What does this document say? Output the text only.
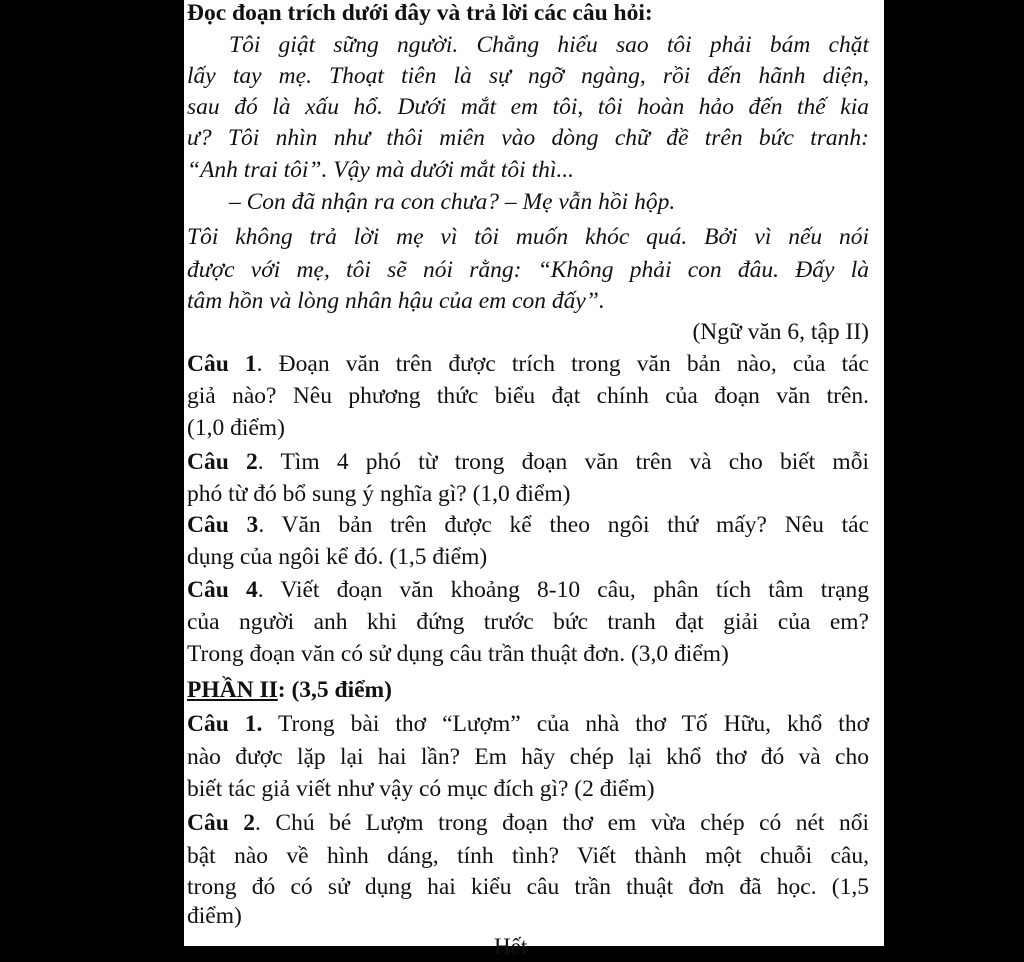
Đọc đoạn trích dưới đây và trả lời các câu hỏi:
Tôi giật sững người. Chẳng hiểu sao tôi phải bám chặt
lấy tay mẹ. Thoạt tiên là sự ngỡ ngàng, rồi đến hãnh diện,
sau đó là xấu hổ. Dưới mắt em tôi, tôi hoàn hảo đến thế kia
ư? Tôi nhìn như thôi miên vào dòng chữ đề trên bức tranh:
“Anh trai tôi”. Vậy mà dưới mắt tôi thì...
– Con đã nhận ra con chưa? – Mẹ vẫn hồi hộp.
Tôi không trả lời mẹ vì tôi muốn khóc quá. Bởi vì nếu nói
được với mẹ, tôi sẽ nói rằng: “Không phải con đâu. Đấy là
tâm hồn và lòng nhân hậu của em con đấy”.
(Ngữ văn 6, tập II)
Câu 1. Đoạn văn trên được trích trong văn bản nào, của tác
giả nào? Nêu phương thức biểu đạt chính của đoạn văn trên.
(1,0 điểm)
Câu 2. Tìm 4 phó từ trong đoạn văn trên và cho biết mỗi
phó từ đó bổ sung ý nghĩa gì? (1,0 điểm)
Câu 3. Văn bản trên được kể theo ngôi thứ mấy? Nêu tác
dụng của ngôi kể đó. (1,5 điểm)
Câu 4. Viết đoạn văn khoảng 8-10 câu, phân tích tâm trạng
của người anh khi đứng trước bức tranh đạt giải của em?
Trong đoạn văn có sử dụng câu trần thuật đơn. (3,0 điểm)
PHẦN II: (3,5 điểm)
Câu 1. Trong bài thơ “Lượm” của nhà thơ Tố Hữu, khổ thơ
nào được lặp lại hai lần? Em hãy chép lại khổ thơ đó và cho
biết tác giả viết như vậy có mục đích gì? (2 điểm)
Câu 2. Chú bé Lượm trong đoạn thơ em vừa chép có nét nổi
bật nào về hình dáng, tính tình? Viết thành một chuỗi câu,
trong đó có sử dụng hai kiểu câu trần thuật đơn đã học. (1,5
điểm)
Hết
